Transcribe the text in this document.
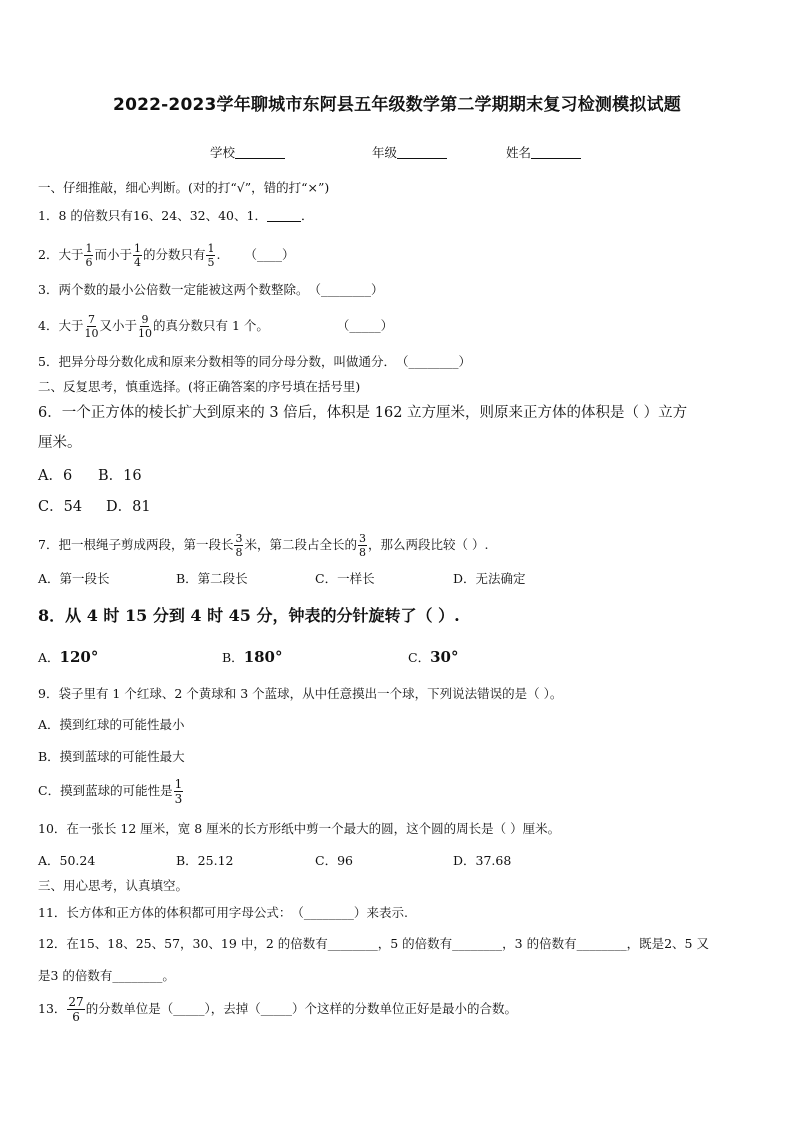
2022-2023学年聊城市东阿县五年级数学第二学期期末复习检测模拟试题
学校	年级	姓名
一、仔细推敲，细心判断。(对的打“√”，错的打“×”)
1．8 的倍数只有16、24、32、40、1．	．
2．大于 $\frac{1}{6}$ 而小于 $\frac{1}{4}$ 的分数只有 $\frac{1}{5}$ . （____）
3．两个数的最小公倍数一定能被这两个数整除。（________）
4．大于 $\frac{7}{10}$ 又小于 $\frac{9}{10}$ 的真分数只有 1 个。	（_____）
5．把异分母分数化成和原来分数相等的同分母分数，叫做通分．（________）
二、反复思考，慎重选择。(将正确答案的序号填在括号里)
6．一个正方体的棱长扩大到原来的 3 倍后，体积是 162 立方厘米，则原来正方体的体积是（ ）立方
厘米。
A．6 B．16
C．54 D．81
7．把一根绳子剪成两段，第一段长 $\frac{3}{8}$ 米，第二段占全长的 $\frac{3}{8}$ ，那么两段比较（ ）.
A．第一段长	B．第二段长	C．一样长	D．无法确定
8．从 4 时 15 分到 4 时 45 分，钟表的分针旋转了（ ）.
A．120°	B．180°	C．30°
9．袋子里有 1 个红球、2 个黄球和 3 个蓝球，从中任意摸出一个球，下列说法错误的是（ ）。
A．摸到红球的可能性最小
B．摸到蓝球的可能性最大
C．摸到蓝球的可能性是 $\frac{1}{3}$
10．在一张长 12 厘米，宽 8 厘米的长方形纸中剪一个最大的圆，这个圆的周长是（ ）厘米。
A．50.24	B．25.12	C．96	D．37.68
三、用心思考，认真填空。
11．长方体和正方体的体积都可用字母公式：（________）来表示.
12．在15、18、25、57，30、19 中，2 的倍数有________，5 的倍数有________，3 的倍数有________，既是2、5 又
是3 的倍数有________。
13． $\frac{27}{6}$ 的分数单位是（_____），去掉（_____）个这样的分数单位正好是最小的合数。
